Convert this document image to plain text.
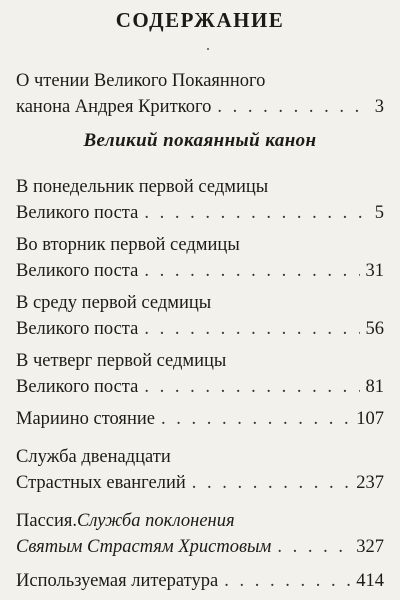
СОДЕРЖАНИЕ
О чтении Великого Покаянного
канона Андрея Криткого . . .	3
Великий покаянный канон
В понедельник первой седмицы
Великого поста . . .	5
Во вторник первой седмицы
Великого поста . . .	31
В среду первой седмицы
Великого поста . . .	56
В четверг первой седмицы
Великого поста . . .	81
Мариино стояние . . .	107
Служба двенадцати
Страстных евангелий . . .	237
Пассия. Служба поклонения
Святым Страстям Христовым . . .	327
Используемая литература . . .	414
